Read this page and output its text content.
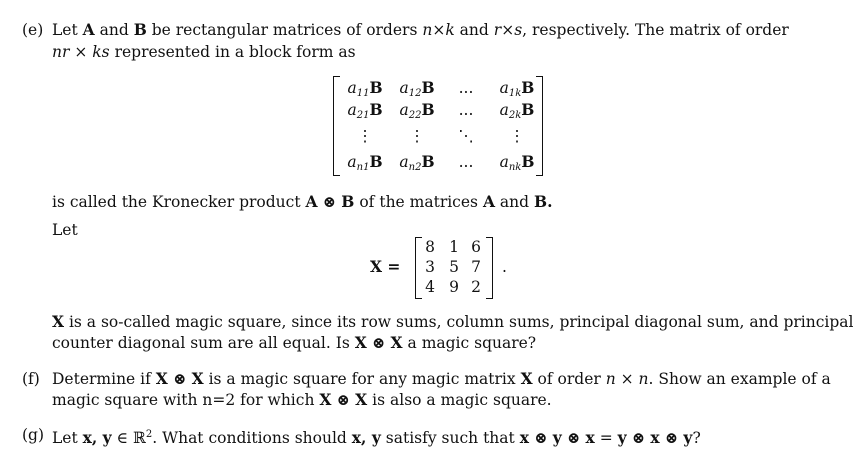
(e) Let A and B be rectangular matrices of orders n×k and r×s, respectively. The matrix of order
nr × ks represented in a block form as
$a_{11}B$ $a_{12}B$	...	$a_{1k}B$
$a_{21}B$ $a_{22}B$	...	$a_{2k}B$
⋮	⋮	⋱	⋮
$a_{n1}B$ $a_{n2}B$	...	$a_{nk}B$
is called the Kronecker product A ⊗ B of the matrices A and B.
Let
X =
8 1 6
3 5 7
4 9 2
.
X is a so-called magic square, since its row sums, column sums, principal diagonal sum, and principal
counter diagonal sum are all equal. Is X ⊗ X a magic square?
(f) Determine if X ⊗ X is a magic square for any magic matrix X of order n × n. Show an example of a
magic square with n=2 for which X ⊗ X is also a magic square.
(g) Let x, y ∈ ℝ$^2$. What conditions should x, y satisfy such that x ⊗ y ⊗ x = y ⊗ x ⊗ y?
